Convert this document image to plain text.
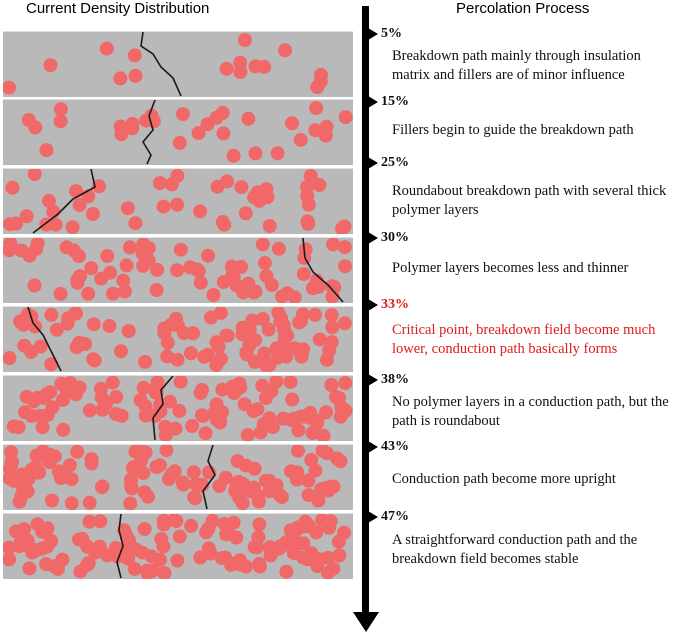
Current Density Distribution	Percolation Process
5%
Breakdown path mainly through insulation matrix and fillers are of minor influence
15%
Fillers begin to guide the breakdown path
25%
Roundabout breakdown path with several thick polymer layers
30%
Polymer layers becomes less and thinner
33%
Critical point, breakdown field become much lower, conduction path basically forms
38%
No polymer layers in a conduction path, but the path is roundabout
43%
Conduction path become more upright
47%
A straightforward conduction path and the breakdown field becomes stable
